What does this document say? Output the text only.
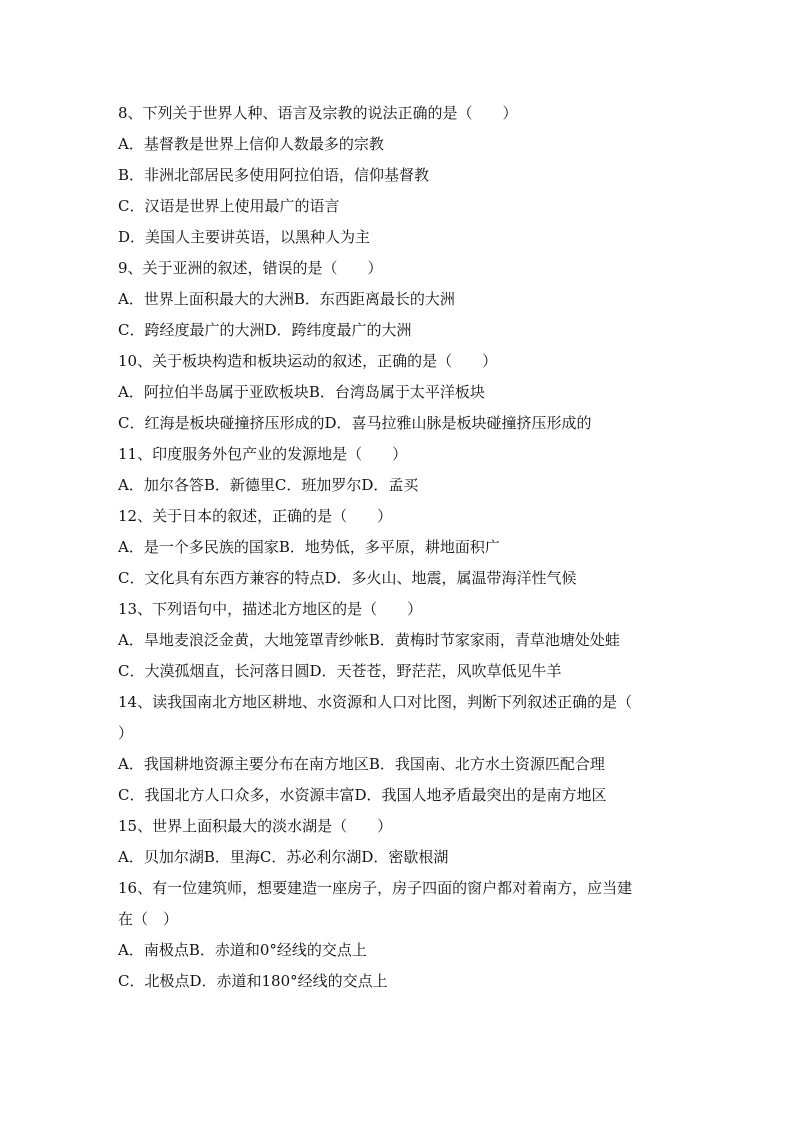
8、下列关于世界人种、语言及宗教的说法正确的是（　　）
A．基督教是世界上信仰人数最多的宗教
B．非洲北部居民多使用阿拉伯语，信仰基督教
C．汉语是世界上使用最广的语言
D．美国人主要讲英语，以黑种人为主
9、关于亚洲的叙述，错误的是（　　）
A．世界上面积最大的大洲B．东西距离最长的大洲
C．跨经度最广的大洲D．跨纬度最广的大洲
10、关于板块构造和板块运动的叙述，正确的是（　　）
A．阿拉伯半岛属于亚欧板块B．台湾岛属于太平洋板块
C．红海是板块碰撞挤压形成的D．喜马拉雅山脉是板块碰撞挤压形成的
11、印度服务外包产业的发源地是（　　）
A．加尔各答B．新德里C．班加罗尔D．孟买
12、关于日本的叙述，正确的是（　　）
A．是一个多民族的国家B．地势低，多平原，耕地面积广
C．文化具有东西方兼容的特点D．多火山、地震，属温带海洋性气候
13、下列语句中，描述北方地区的是（　　）
A．旱地麦浪泛金黄，大地笼罩青纱帐B．黄梅时节家家雨，青草池塘处处蛙
C．大漠孤烟直，长河落日圆D．天苍苍，野茫茫，风吹草低见牛羊
14、读我国南北方地区耕地、水资源和人口对比图，判断下列叙述正确的是（
）
A．我国耕地资源主要分布在南方地区B．我国南、北方水土资源匹配合理
C．我国北方人口众多，水资源丰富D．我国人地矛盾最突出的是南方地区
15、世界上面积最大的淡水湖是（　　）
A．贝加尔湖B．里海C．苏必利尔湖D．密歇根湖
16、有一位建筑师，想要建造一座房子，房子四面的窗户都对着南方，应当建
在（　）
A．南极点B．赤道和0°经线的交点上
C．北极点D．赤道和180°经线的交点上
